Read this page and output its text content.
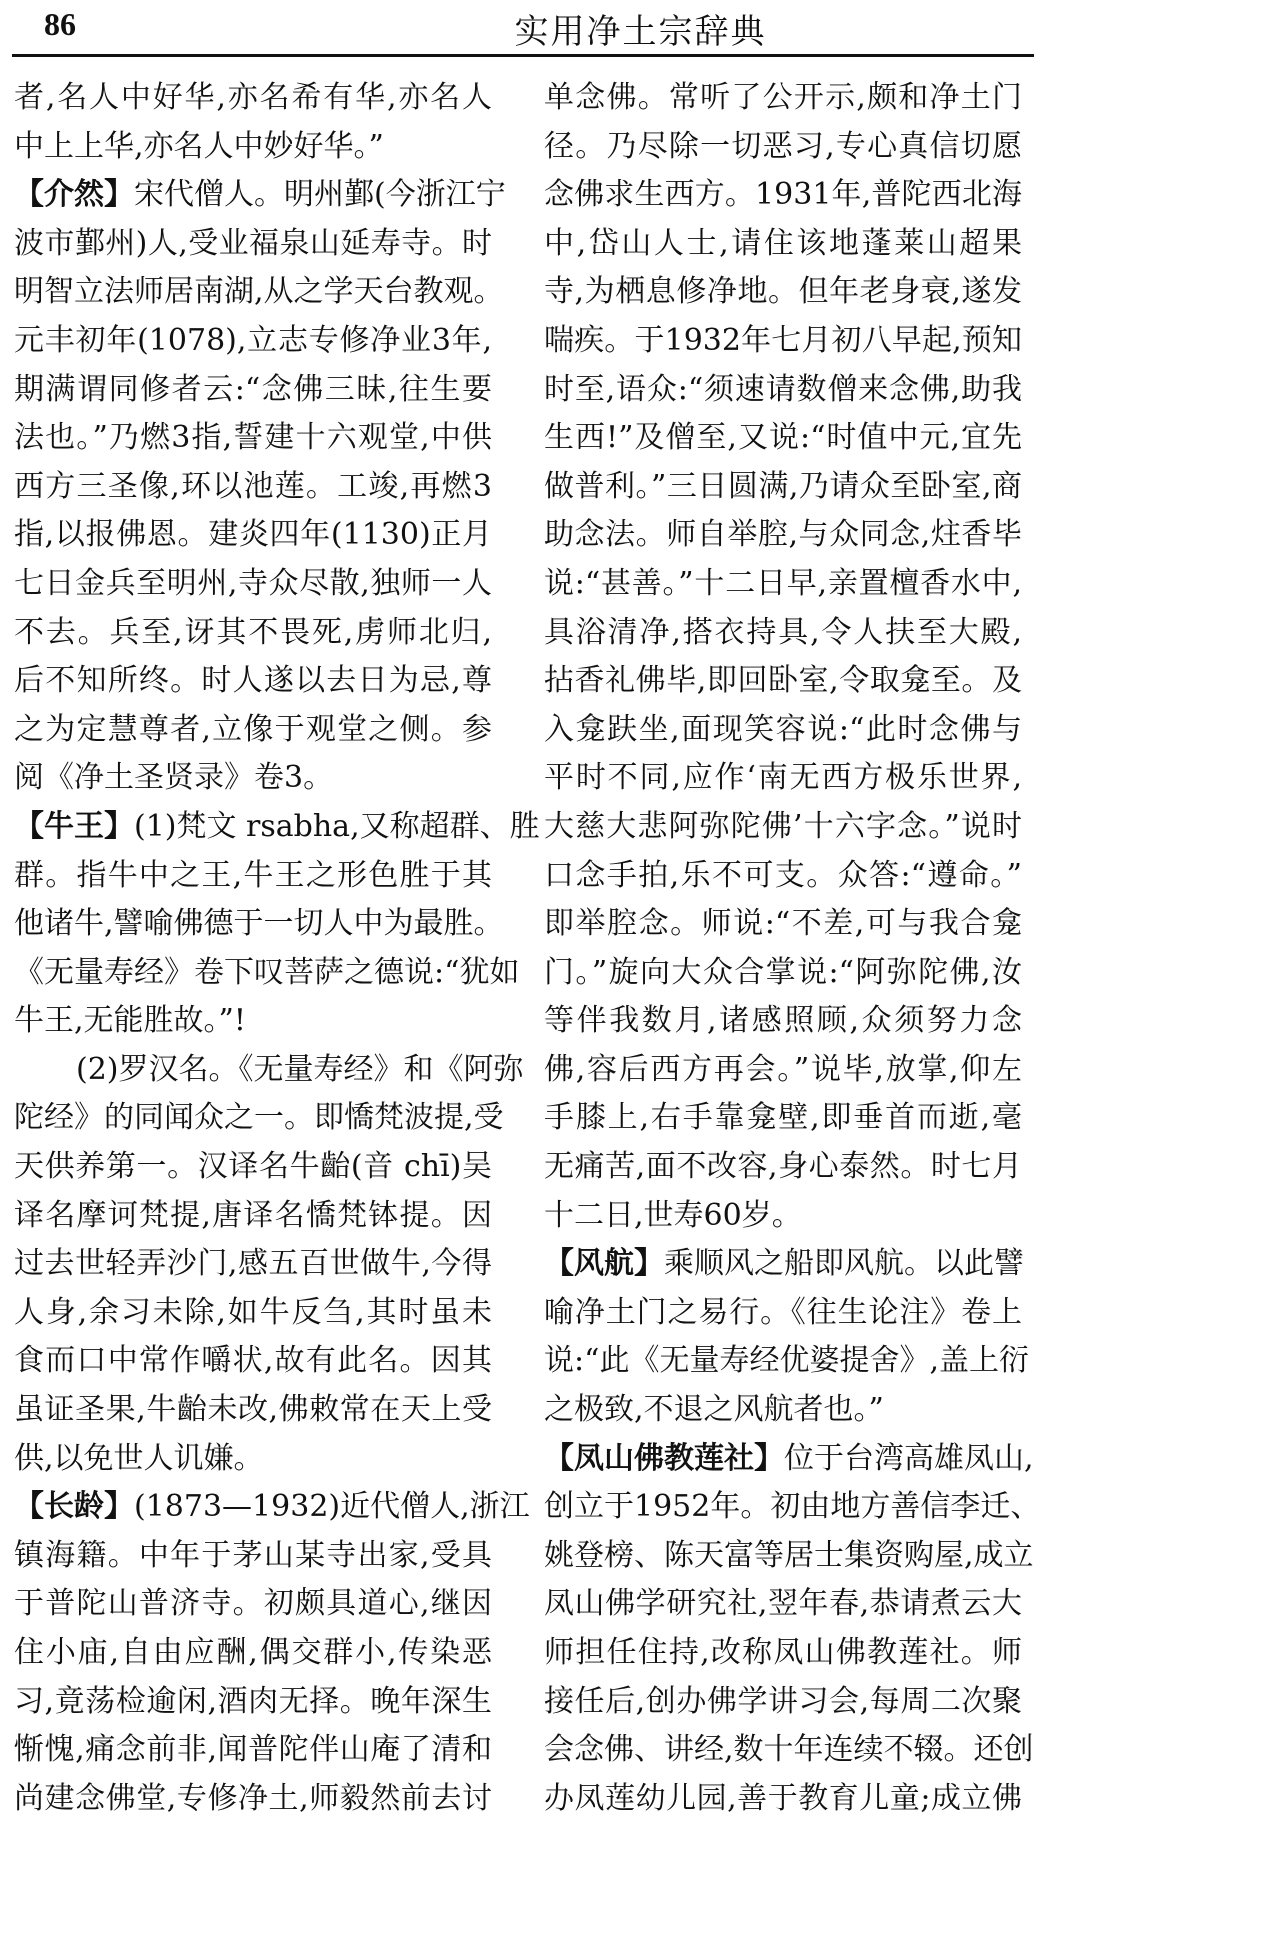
86	实用净土宗辞典
者,名人中好华,亦名希有华,亦名人
中上上华,亦名人中妙好华。”
【介然】宋代僧人。明州鄞(今浙江宁
波市鄞州)人,受业福泉山延寿寺。时
明智立法师居南湖,从之学天台教观。
元丰初年(1078),立志专修净业3年,
期满谓同修者云:“念佛三昧,往生要
法也。”乃燃3指,誓建十六观堂,中供
西方三圣像,环以池莲。工竣,再燃3
指,以报佛恩。建炎四年(1130)正月
七日金兵至明州,寺众尽散,独师一人
不去。兵至,讶其不畏死,虏师北归,
后不知所终。时人遂以去日为忌,尊
之为定慧尊者,立像于观堂之侧。参
阅《净土圣贤录》卷3。
【牛王】(1)梵文 rsabha,又称超群、胜
群。指牛中之王,牛王之形色胜于其
他诸牛,譬喻佛德于一切人中为最胜。
《无量寿经》卷下叹菩萨之德说:“犹如
牛王,无能胜故。”!
(2)罗汉名。《无量寿经》和《阿弥
陀经》的同闻众之一。即憍梵波提,受
天供养第一。汉译名牛齝(音 chī)吴
译名摩诃梵提,唐译名憍梵钵提。因
过去世轻弄沙门,感五百世做牛,今得
人身,余习未除,如牛反刍,其时虽未
食而口中常作嚼状,故有此名。因其
虽证圣果,牛齝未改,佛敕常在天上受
供,以免世人讥嫌。
【长龄】(1873—1932)近代僧人,浙江
镇海籍。中年于茅山某寺出家,受具
于普陀山普济寺。初颇具道心,继因
住小庙,自由应酬,偶交群小,传染恶
习,竟荡检逾闲,酒肉无择。晚年深生
惭愧,痛念前非,闻普陀伴山庵了清和
尚建念佛堂,专修净土,师毅然前去讨
单念佛。常听了公开示,颇和净土门
径。乃尽除一切恶习,专心真信切愿
念佛求生西方。1931年,普陀西北海
中,岱山人士,请住该地蓬莱山超果
寺,为栖息修净地。但年老身衰,遂发
喘疾。于1932年七月初八早起,预知
时至,语众:“须速请数僧来念佛,助我
生西!”及僧至,又说:“时值中元,宜先
做普利。”三日圆满,乃请众至卧室,商
助念法。师自举腔,与众同念,炷香毕
说:“甚善。”十二日早,亲置檀香水中,
具浴清净,搭衣持具,令人扶至大殿,
拈香礼佛毕,即回卧室,令取龛至。及
入龛趺坐,面现笑容说:“此时念佛与
平时不同,应作‘南无西方极乐世界,
大慈大悲阿弥陀佛’十六字念。”说时
口念手拍,乐不可支。众答:“遵命。”
即举腔念。师说:“不差,可与我合龛
门。”旋向大众合掌说:“阿弥陀佛,汝
等伴我数月,诸感照顾,众须努力念
佛,容后西方再会。”说毕,放掌,仰左
手膝上,右手靠龛壁,即垂首而逝,毫
无痛苦,面不改容,身心泰然。时七月
十二日,世寿60岁。
【风航】乘顺风之船即风航。以此譬
喻净土门之易行。《往生论注》卷上
说:“此《无量寿经优婆提舍》,盖上衍
之极致,不退之风航者也。”
【凤山佛教莲社】位于台湾高雄凤山,
创立于1952年。初由地方善信李迁、
姚登榜、陈天富等居士集资购屋,成立
凤山佛学研究社,翌年春,恭请煮云大
师担任住持,改称凤山佛教莲社。师
接任后,创办佛学讲习会,每周二次聚
会念佛、讲经,数十年连续不辍。还创
办凤莲幼儿园,善于教育儿童;成立佛
